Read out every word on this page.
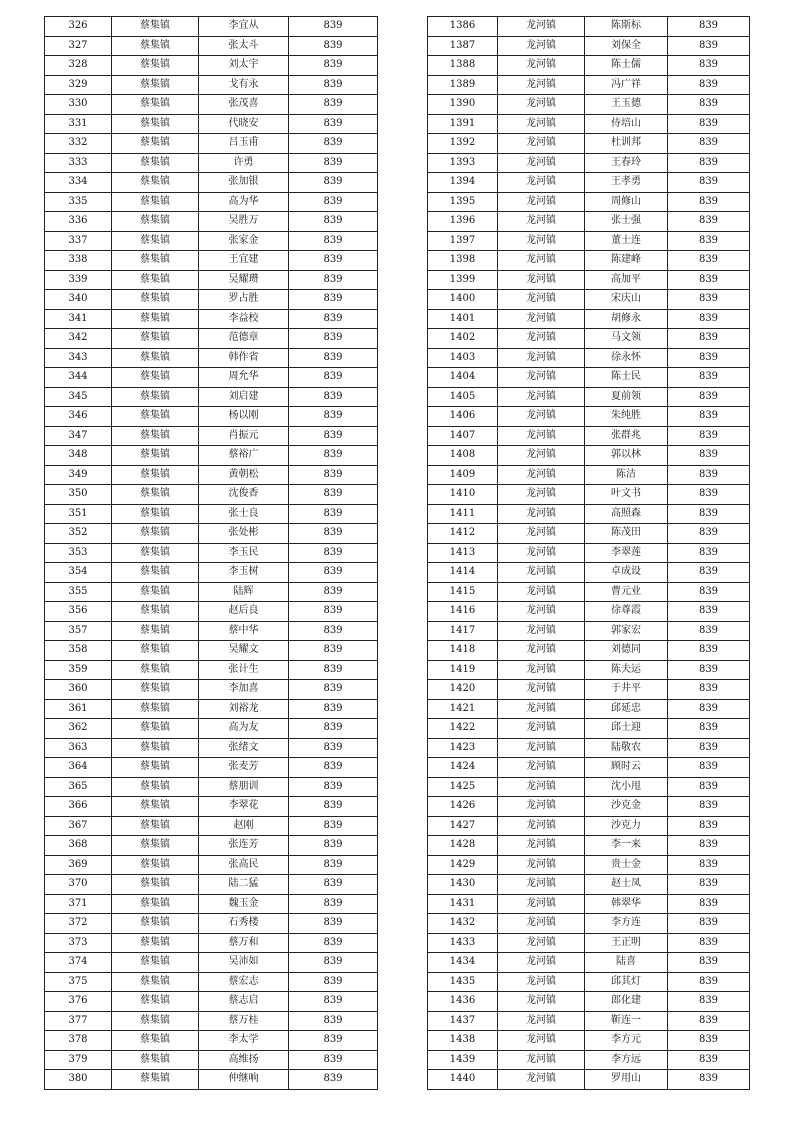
326	蔡集镇	李宜从	839
327	蔡集镇	张太斗	839
328	蔡集镇	刘太宇	839
329	蔡集镇	戈有永	839
330	蔡集镇	张茂喜	839
331	蔡集镇	代晓安	839
332	蔡集镇	吕玉甫	839
333	蔡集镇	许勇	839
334	蔡集镇	张加银	839
335	蔡集镇	高为华	839
336	蔡集镇	吴胜万	839
337	蔡集镇	张家金	839
338	蔡集镇	王宜建	839
339	蔡集镇	吴耀瓒	839
340	蔡集镇	罗占胜	839
341	蔡集镇	李益校	839
342	蔡集镇	范德章	839
343	蔡集镇	韩作省	839
344	蔡集镇	周允华	839
345	蔡集镇	刘启建	839
346	蔡集镇	杨以刚	839
347	蔡集镇	肖振元	839
348	蔡集镇	蔡裕广	839
349	蔡集镇	黄朝松	839
350	蔡集镇	沈俊香	839
351	蔡集镇	张士良	839
352	蔡集镇	张处彬	839
353	蔡集镇	李玉民	839
354	蔡集镇	李玉树	839
355	蔡集镇	陆辉	839
356	蔡集镇	赵后良	839
357	蔡集镇	蔡中华	839
358	蔡集镇	吴耀文	839
359	蔡集镇	张计生	839
360	蔡集镇	李加喜	839
361	蔡集镇	刘裕龙	839
362	蔡集镇	高为友	839
363	蔡集镇	张绪文	839
364	蔡集镇	张麦芳	839
365	蔡集镇	蔡朋训	839
366	蔡集镇	李翠花	839
367	蔡集镇	赵刚	839
368	蔡集镇	张连芳	839
369	蔡集镇	张高民	839
370	蔡集镇	陆二猛	839
371	蔡集镇	魏玉金	839
372	蔡集镇	石秀楼	839
373	蔡集镇	蔡万和	839
374	蔡集镇	吴沛如	839
375	蔡集镇	蔡宏志	839
376	蔡集镇	蔡志启	839
377	蔡集镇	蔡万桂	839
378	蔡集镇	李太学	839
379	蔡集镇	高维扬	839
380	蔡集镇	仲继响	839
1386	龙河镇	陈斯标	839
1387	龙河镇	刘保全	839
1388	龙河镇	陈士儒	839
1389	龙河镇	冯广祥	839
1390	龙河镇	王玉德	839
1391	龙河镇	侍培山	839
1392	龙河镇	杜训邦	839
1393	龙河镇	王春玲	839
1394	龙河镇	王孝勇	839
1395	龙河镇	周修山	839
1396	龙河镇	张士强	839
1397	龙河镇	董士连	839
1398	龙河镇	陈建峰	839
1399	龙河镇	高加平	839
1400	龙河镇	宋庆山	839
1401	龙河镇	胡修永	839
1402	龙河镇	马文领	839
1403	龙河镇	徐永怀	839
1404	龙河镇	陈士民	839
1405	龙河镇	夏前领	839
1406	龙河镇	朱纯胜	839
1407	龙河镇	张群兆	839
1408	龙河镇	郭以林	839
1409	龙河镇	陈洁	839
1410	龙河镇	叶文书	839
1411	龙河镇	高照森	839
1412	龙河镇	陈茂田	839
1413	龙河镇	李翠莲	839
1414	龙河镇	卓成设	839
1415	龙河镇	曹元业	839
1416	龙河镇	徐尊霞	839
1417	龙河镇	郭家宏	839
1418	龙河镇	刘德同	839
1419	龙河镇	陈夫运	839
1420	龙河镇	于井平	839
1421	龙河镇	邱延忠	839
1422	龙河镇	邱士迎	839
1423	龙河镇	陆敬农	839
1424	龙河镇	顾时云	839
1425	龙河镇	沈小甩	839
1426	龙河镇	沙克金	839
1427	龙河镇	沙克力	839
1428	龙河镇	李一来	839
1429	龙河镇	贵士金	839
1430	龙河镇	赵士凤	839
1431	龙河镇	韩翠华	839
1432	龙河镇	李方连	839
1433	龙河镇	王正明	839
1434	龙河镇	陆喜	839
1435	龙河镇	邱其灯	839
1436	龙河镇	郎化建	839
1437	龙河镇	靳连一	839
1438	龙河镇	李方元	839
1439	龙河镇	李方远	839
1440	龙河镇	罗用山	839
